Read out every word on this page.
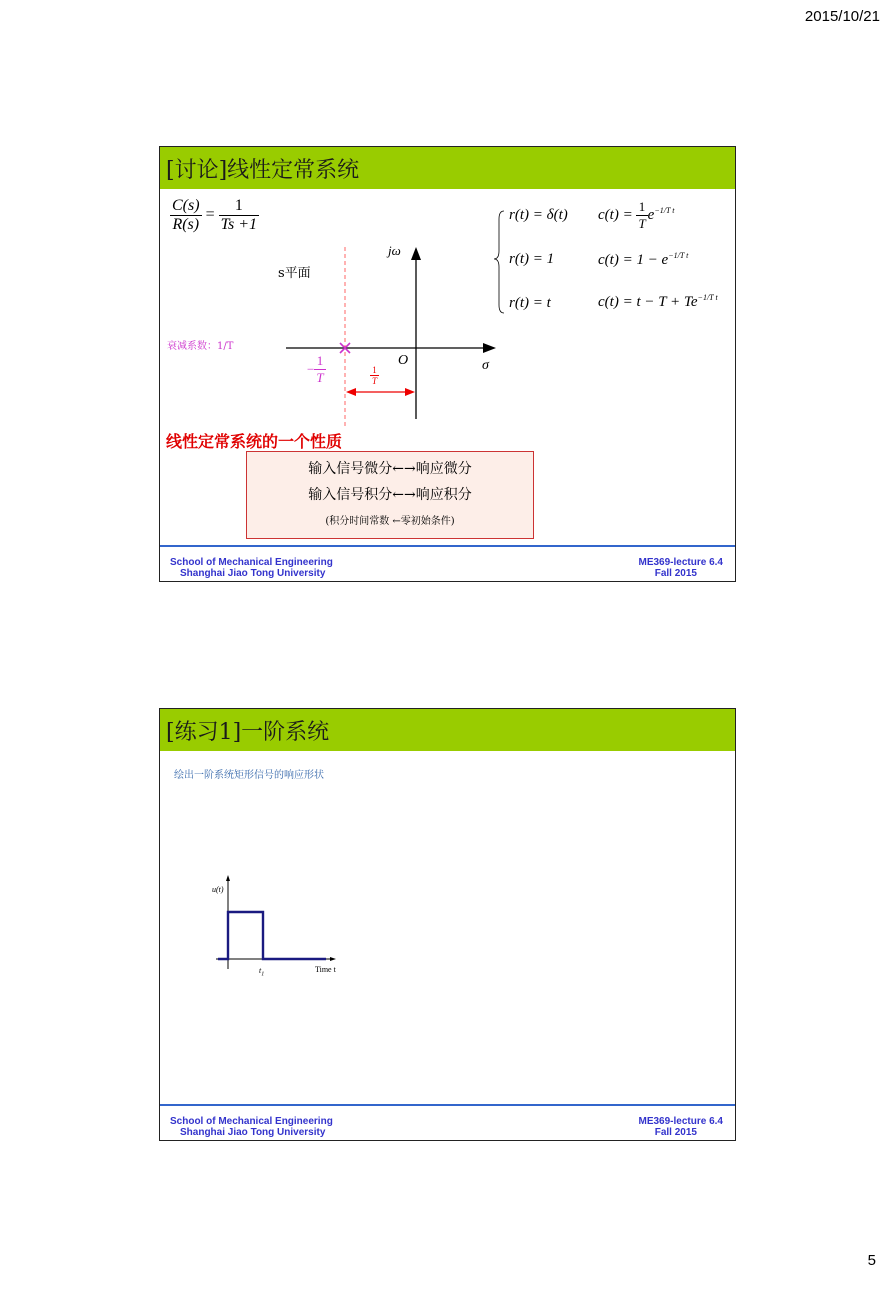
2015/10/21
[讨论]线性定常系统
$\frac{C(s)}{R(s)} = \frac{1}{Ts +1}$
s平面
jω
σ
O
衰减系数：1/T
− $\frac{1}{T}$	$\frac{1}{T}$
r(t) = δ(t) $c(t) = \frac{1}{T} e^{-1/T t}$
r(t) = 1	$c(t) = 1 - e^{-1/T t}$
r(t) = t	$c(t) = t - T + Te^{-1/T t}$
线性定常系统的一个性质
输入信号微分←→响应微分
输入信号积分←→响应积分
(积分时间常数 ←零初始条件)
School of Mechanical Engineering
Shanghai Jiao Tong University
ME369-lecture 6.4
Fall 2015
[练习1]一阶系统
绘出一阶系统矩形信号的响应形状
u(t)
$t_1$
Time t
School of Mechanical Engineering
Shanghai Jiao Tong University
ME369-lecture 6.4
Fall 2015
5
